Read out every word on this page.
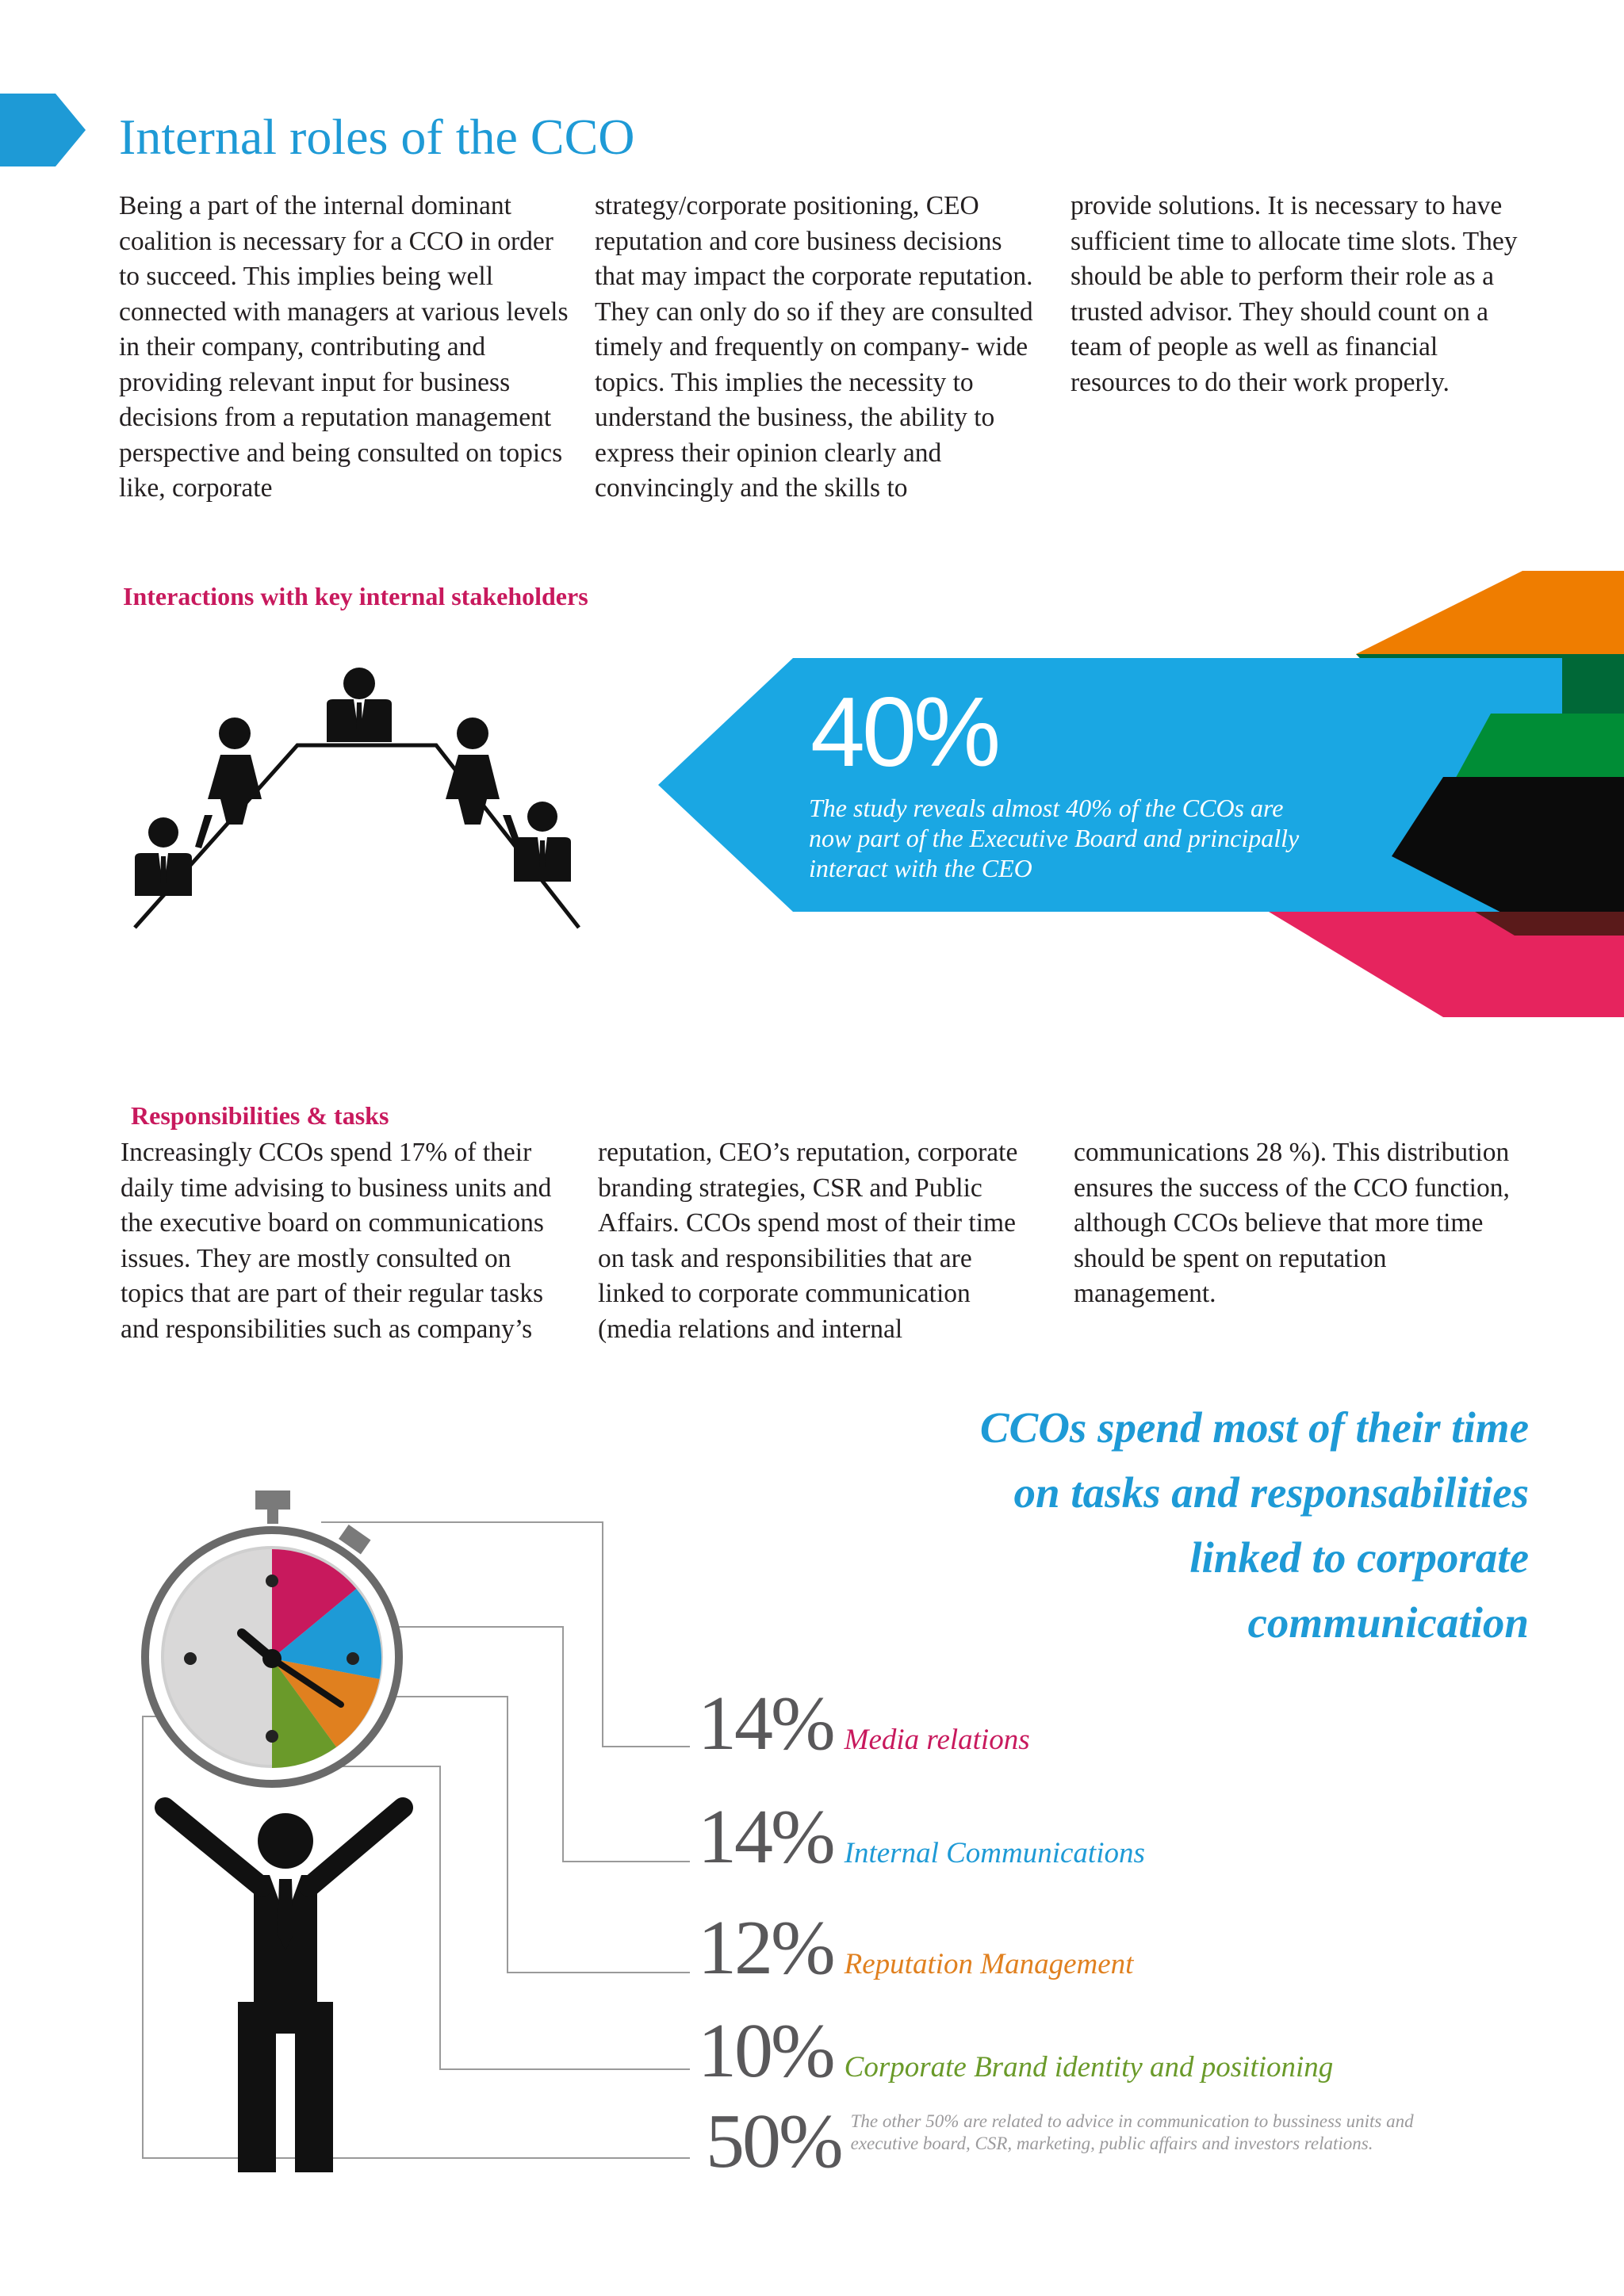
Internal roles of the CCO

Being a part of the internal dominant coalition is necessary for a CCO in order to succeed. This implies being well connected with managers at various levels in their company, contributing and providing relevant input for business decisions from a reputation management perspective and being consulted on topics like, corporate

strategy/corporate positioning, CEO reputation and core business decisions that may impact the corporate reputation. They can only do so if they are consulted timely and frequently on company- wide topics. This implies the necessity to understand the business, the ability to express their opinion clearly and convincingly and the skills to

provide solutions. It is necessary to have sufficient time to allocate time slots. They should be able to perform their role as a trusted advisor. They should count on a team of people as well as financial resources to do their work properly.

Interactions with key internal stakeholders
40%

The study reveals almost 40% of the CCOs are now part of the Executive Board and principally interact with the CEO

Responsibilities & tasks

Increasingly CCOs spend 17% of their daily time advising to business units and the executive board on communications issues. They are mostly consulted on topics that are part of their regular tasks and responsibilities such as company’s

reputation, CEO’s reputation, corporate branding strategies, CSR and Public Affairs. CCOs spend most of their time on task and responsibilities that are linked to corporate communication (media relations and internal

communications 28 %). This distribution ensures the success of the CCO function, although CCOs believe that more time should be spent on reputation management.

CCOs spend most of their time on tasks and responsabilities linked to corporate communication

14% Media relations
14% Internal Communications
12% Reputation Management
10% Corporate Brand identity and positioning
50% The other 50% are related to advice in communication to bussiness units and executive board, CSR, marketing, public affairs and investors relations.
